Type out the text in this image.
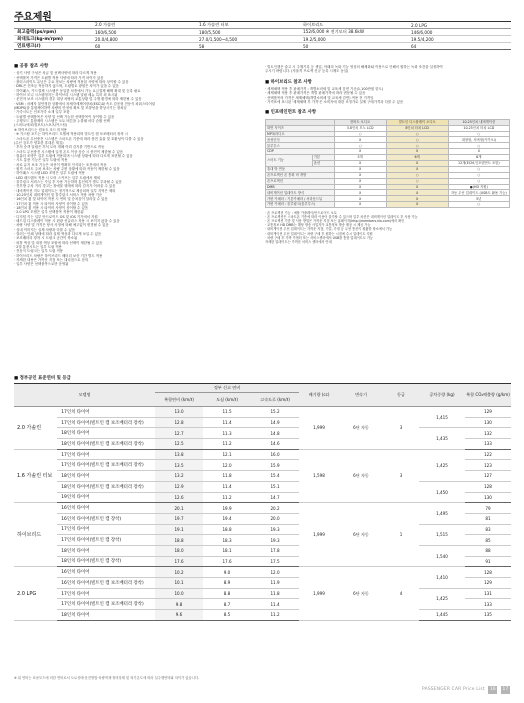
주요제원
	2.0 가솔린	1.6 가솔린 터보	하이브리드	2.0 LPG
최고출력(ps/rpm)	160/6,500	180/5,500	152/6,000 ※ 전기모터 38.6kW	146/6,000
최대토크(kg·m/rpm)	20.0/4,800	27.0/1,500~4,500	19.2/5,000	19.5/4,200
연료탱크(ℓ)	60	58	50	64
■ 공통 참조 사항
· 상기 사양 구성은 차급 및 선택사양에 따라 다르게 적용
· 선택품목 가격은 트림별 적용 사양에 따라 가격 차이가 있음
· 플러스라이트 유닛은 주요 정보는 차량에 적용된 사양에 따라 상이할 수 있음
· DRL은 전조등 작동하지 않으며, 트림별로 광원은 차이가 있을 수 있음
· 하이패스, 카드결제 시스템은 동일한 차종에서 가능 요금결제 해택 확대 및 등록 필요
· 하이브 모니 시스템정지는 하이브리 시스템 알림 메뉴 특히 외 표시됨
· 운전자 보조 시스템의 경우 대상 차량의 교통상황 및 주행 환경에 따라 제한될 수 있음
· VSM : 차체자 불안정한 상황에서 차체자세제어장치(ESC)와 속도 감응형 전동식 파워스티어링
(MDPS)을 통합제어하여 차량의 안정성 확보 및 조향성을 향상시키는 장치임
· 가죽시트는 인조가죽 소재 일부 포함
· 트림별 선택품목은 사양 및 선택 가능한 선택품목이 상이할 수 있음
· 주행모드 통합제어 시스템은 오토 버튼을 누를때 마다 순환 선택
(스마트/에코/컴포트/스포츠/커스텀)
※ 하이브리드는 컴포트 모드 미적용
· ※ 카스탑 포드는 하이브리드 모델에 적용되며 빌트인 캠 보조배터리 장착 시
· 스마트폰 무선충전 시스템은 스마트폰 기종에 따라 충전 효율 및 호환성이 다를 수 있음
(수신 감도가 양호한 휴대폰 재질)
· 후석 승객 알림은 후석 도어 개폐 이력 감지를 기반으로 작동
· 스마트 무선충전 시스템에 일정 온도 이상 상승 시 충전이 제한될 수 있음
· 컵홀더 조명은 일부 트림에 적용되며 시스템 상황에 따라 다르게 표현될 수 있음
· 시트 통풍 기능은 일부 트림에 적용
· 차로 유지 보조 기능은 차선이 명확히 인식되는 조건에서 작동
· 원격 스마트 주차 보조는 차량 주변 상황에 따라 작동이 제한될 수 있음
· 하이패스 시스템 LED 조명은 일부 트림에 적용
· LED 헤드램프 적용 시 도어 스커프는 일부 트림에서 제외
· 블루링크 서비스는 가입 후 사용 가능하며 통신비가 별도 부과될 수 있음
· 전후방 주차 거리 경고는 장애물 형태에 따라 감지가 어려울 수 있음
· 내비게이션 지도 업데이트는 정기적으로 제공되며 일부 지역은 제외
· 10.25인치 내비게이션 및 블루링크 서비스 적용 차량 기준
· 16인치 휠 및 타이어 적용 시 연비 및 승차감이 달라질 수 있음
· 17인치 휠 적용 시 타이어 사양이 상이할 수 있음
· 18인치 휠 적용 시 타이어 사양이 상이할 수 있음
· 2.0 LPG 모델은 일부 선택품목 적용이 제한됨
· 디지털 키는 일부 안드로이드 OS 및 iOS 기기에서 지원
· 헤드업 디스플레이 적용 시 편광 선글라스 착용 시 보이지 않을 수 있음
· 차량 사양 및 가격은 당사 사정에 의해 예고없이 변경될 수 있음
· 실내 이미지는 실제 차량과 다를 수 있음
· 컬러는 인쇄 상태에 따라 실제 색상과 다르게 보일 수 있음
· 보조배터리 장착 시 트렁크 공간이 축소됨
· 외장 색상 및 내장 색상 조합에 따라 선택이 제한될 수 있음
· 2열 통풍시트는 일부 트림 적용
· 전동식 트렁크는 일부 트림 적용
· 하이브리드 차량은 하이브리드 배터리 보증 기간 별도 적용
· 자세한 내용은 가까운 지점 또는 대리점으로 문의
· 일부 사양은 선택품목으로만 운영됨
· 빌트인캠은 출고 시 주행기록 등 셋업, 아래의 녹화 기능 영상의 해제화와 이용으로 인해서 원하는 녹화 조건을 설정하여
주시기 바랍니다. (자율적 프로젝 신규 등록 시제도 동일)
■ 하이브리드 참조 사항
· 세제혜택 적용 후 판매가격 : 개별소비세 및 교육세 감면 기준(1,100만원 한도)
· 세제혜택 적용 후 판매가격은 개별 판매가격에 따라 변동될 수 있음
· 선택품목의 가격은 세제혜택(개별소비세 및 교육세 감면) 적용 전 가격임
· 가격표에 표시된 '세제혜택 후 가격'은 소비자에 대한 조정가로 실제 구매가격과 다를 수 있음
■ 인포테인먼트 참조 사항
		컨버트 오디오	빌트인 디스플레이 오디오	10.25인치 내비게이션
화면 사이즈		3.8인치 모노 LCD	8인치 터치 LCD	10.25인치 터치 LCD
MP3/라디오		○	○	○
음성인식		X	○	내장형, 서버형(카카오i)
블루투스		○	○	○
CDP		X	X	X
스마트 기능	기본	5개	6개	6개
	옵션	X	X	12개(ECM,인포텐먼트 포함)
휴대 방 연동		X	X	○
폰프로젝션 폰 통화 비 개방		X	○	○
폰프로젝션		X	○	○
DMB		X	X	●(HD 지원)
내비게이션 업데이트 방식		X	X	자동 무선 업데이트 (USB도 활용 가능)
가변 카메라 : 기본카메라 / 서라운드뷰		X	X	5년
가변 카메라 : 블루링크(블루투스)		X	X	○
· 폰 프로젝션 기능 : 애플 카플레이/안드로이드 오토
· 폰 프로젝션은 스마트폰 기종에 따라 이용이 불가할 수 있으며 일부 차종은 내비게이션 업데이트 후 사용 가능
· 폰 프로젝션 기종 및 사용 방법은 가까운 지점 또는 홈페이지(http://members.kia.com)에서 확인
· 교통정보 HD DMB는 해당 방송 사업자가 교통정보 방송 제공 시 제공 가능
· 내비게이션 무선 업데이트는 가까운 지점, 기업, 가정 등 무선 통신이 원활한 장소에서 가능
· 내비게이션 무선 업데이트는 차량 구매 후 원하는 시점에 수시 업데이트 지원
· 차량 구매 후 가까 카센터 또는 서비스센터에서 USB를 통한 업데이트도 가능
자세한 업데이트는 가까운 서비스 센터에서 안내
■ 정부공인 표준연비 및 등급
모델명		정부 신고 연비			배기량 (cc)	변속기	등급	공차중량 (kg)	복합 CO₂배출량 (g/km)
		복합연비 (km/ℓ)	도심 (km/ℓ)	고속도로 (km/ℓ)					
2.0 가솔린	17인치 타이어	13.0	11.5	15.2	1,999	6단 자동	3	1,415	129
	17인치 타이어(빌트인 캠 보조배터리 장착)	12.8	11.4	14.9					130
	18인치 타이어	12.7	11.3	14.8				1,435	132
	18인치 타이어(빌트인 캠 보조배터리 장착)	12.5	11.2	14.6					133
1.6 가솔린 터보	17인치 타이어	13.8	12.1	16.0	1,598	6단 자동	3	1,425	122
	17인치 타이어(빌트인 캠 보조배터리 장착)	13.5	12.0	15.9					123
	18인치 타이어	13.2	11.8	15.4					127
	18인치 타이어(빌트인 캠 보조배터리 장착)	12.9	11.4	15.1				1,450	128
	19인치 타이어	12.6	11.2	14.7					130
하이브리드	16인치 타이어	20.1	19.9	20.2	1,999	6단 자동	1	1,495	79
	16인치 타이어(빌트인 캠 장착)	19.7	19.4	20.0					81
	17인치 타이어	19.1	18.8	19.3				1,515	83
	17인치 타이어(빌트인 캠 장착)	18.8	18.3	19.3					85
	18인치 타이어	18.0	18.1	17.8				1,540	88
	18인치 타이어(빌트인 캠 장착)	17.6	17.6	17.5					91
2.0 LPG	16인치 타이어	10.2	9.0	12.0	1,999	6단 자동	4	1,410	128
	16인치 타이어(빌트인 캠 보조배터리 장착)	10.1	8.9	11.9					129
	17인치 타이어	10.0	8.8	11.8				1,425	131
	17인치 타이어(빌트인 캠 보조배터리 장착)	9.8	8.7	11.4					133
	18인치 타이어	9.6	8.5	11.2				1,445	135
※ 위 연비는 표준모드에 의한 연비로서 도로상태·운전방법·차량적재·정비상태 및 외기온도에 따라 실주행연비와 차이가 있습니다.
PASSENGER CAR Price List 16 17
